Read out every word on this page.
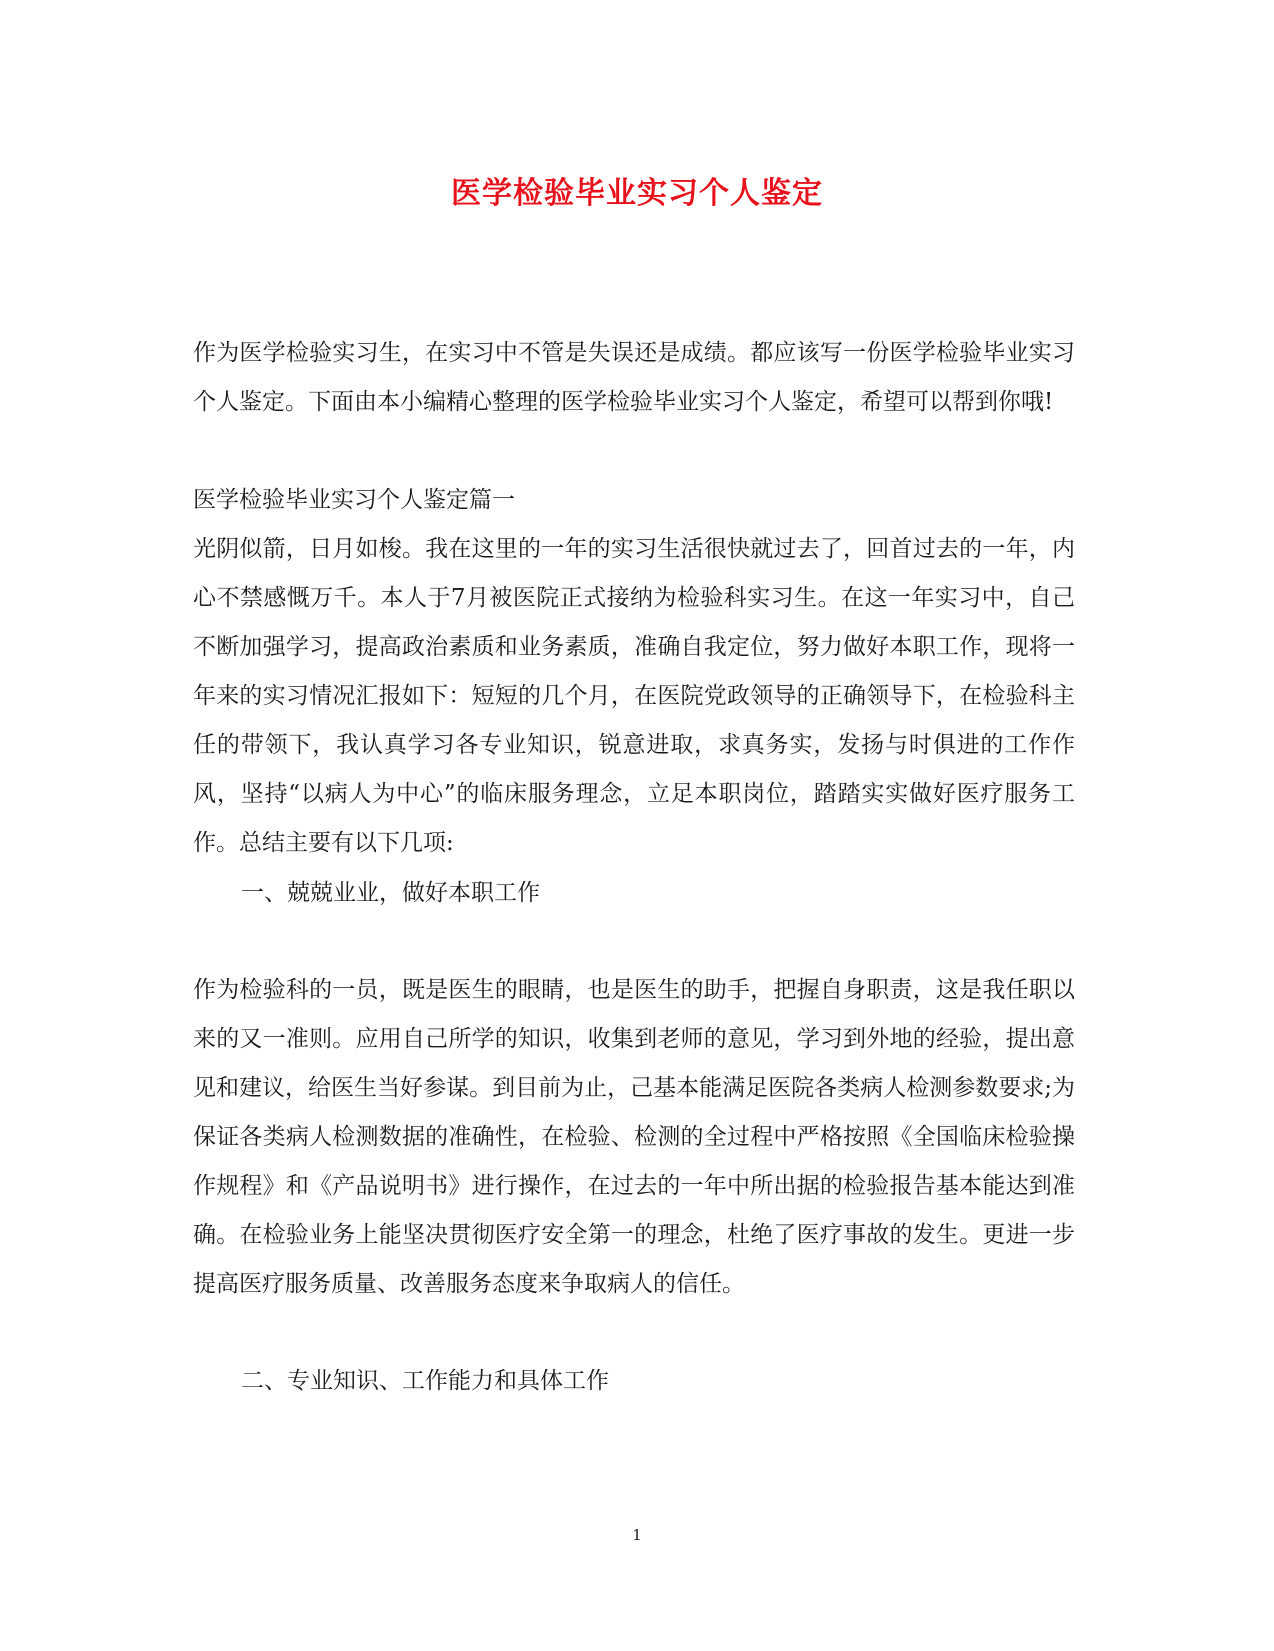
医学检验毕业实习个人鉴定

作为医学检验实习生，在实习中不管是失误还是成绩。都应该写一份医学检验毕业实习个人鉴定。下面由本小编精心整理的医学检验毕业实习个人鉴定，希望可以帮到你哦!

医学检验毕业实习个人鉴定篇一

光阴似箭，日月如梭。我在这里的一年的实习生活很快就过去了，回首过去的一年，内心不禁感慨万千。本人于7月被医院正式接纳为检验科实习生。在这一年实习中，自己不断加强学习，提高政治素质和业务素质，准确自我定位，努力做好本职工作，现将一年来的实习情况汇报如下：短短的几个月，在医院党政领导的正确领导下，在检验科主任的带领下，我认真学习各专业知识，锐意进取，求真务实，发扬与时俱进的工作作风，坚持“以病人为中心”的临床服务理念，立足本职岗位，踏踏实实做好医疗服务工作。总结主要有以下几项:

一、兢兢业业，做好本职工作

作为检验科的一员，既是医生的眼睛，也是医生的助手，把握自身职责，这是我任职以来的又一准则。应用自己所学的知识，收集到老师的意见，学习到外地的经验，提出意见和建议，给医生当好参谋。到目前为止，己基本能满足医院各类病人检测参数要求;为保证各类病人检测数据的准确性，在检验、检测的全过程中严格按照《全国临床检验操作规程》和《产品说明书》进行操作，在过去的一年中所出据的检验报告基本能达到准确。在检验业务上能坚决贯彻医疗安全第一的理念，杜绝了医疗事故的发生。更进一步提高医疗服务质量、改善服务态度来争取病人的信任。

二、专业知识、工作能力和具体工作

1
